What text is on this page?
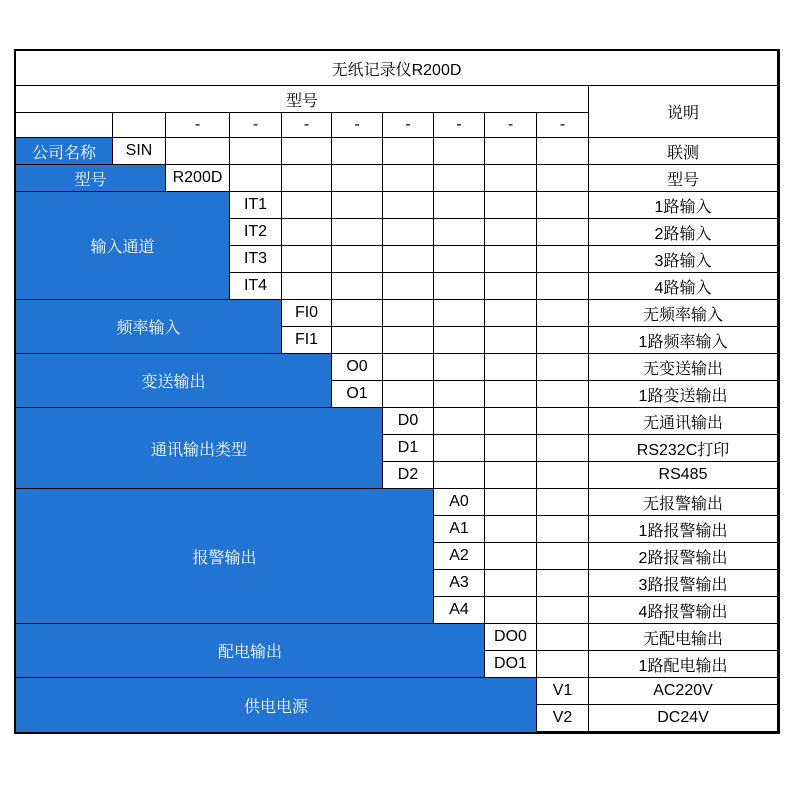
无纸记录仪R200D										
型号										说明
		-	-	-	-	-	-	-	-	
公司名称	SIN									联测
型号		R200D								型号
输入通道			IT1							1路输入
			IT2							2路输入
			IT3							3路输入
			IT4							4路输入
频率输入				FI0						无频率输入
				FI1						1路频率输入
变送输出					O0					无变送输出
					O1					1路变送输出
通讯输出类型						D0				无通讯输出
						D1				RS232C打印
						D2				RS485
报警输出							A0			无报警输出
							A1			1路报警输出
							A2			2路报警输出
							A3			3路报警输出
							A4			4路报警输出
配电输出								DO0		无配电输出
								DO1		1路配电输出
供电电源									V1	AC220V
									V2	DC24V
